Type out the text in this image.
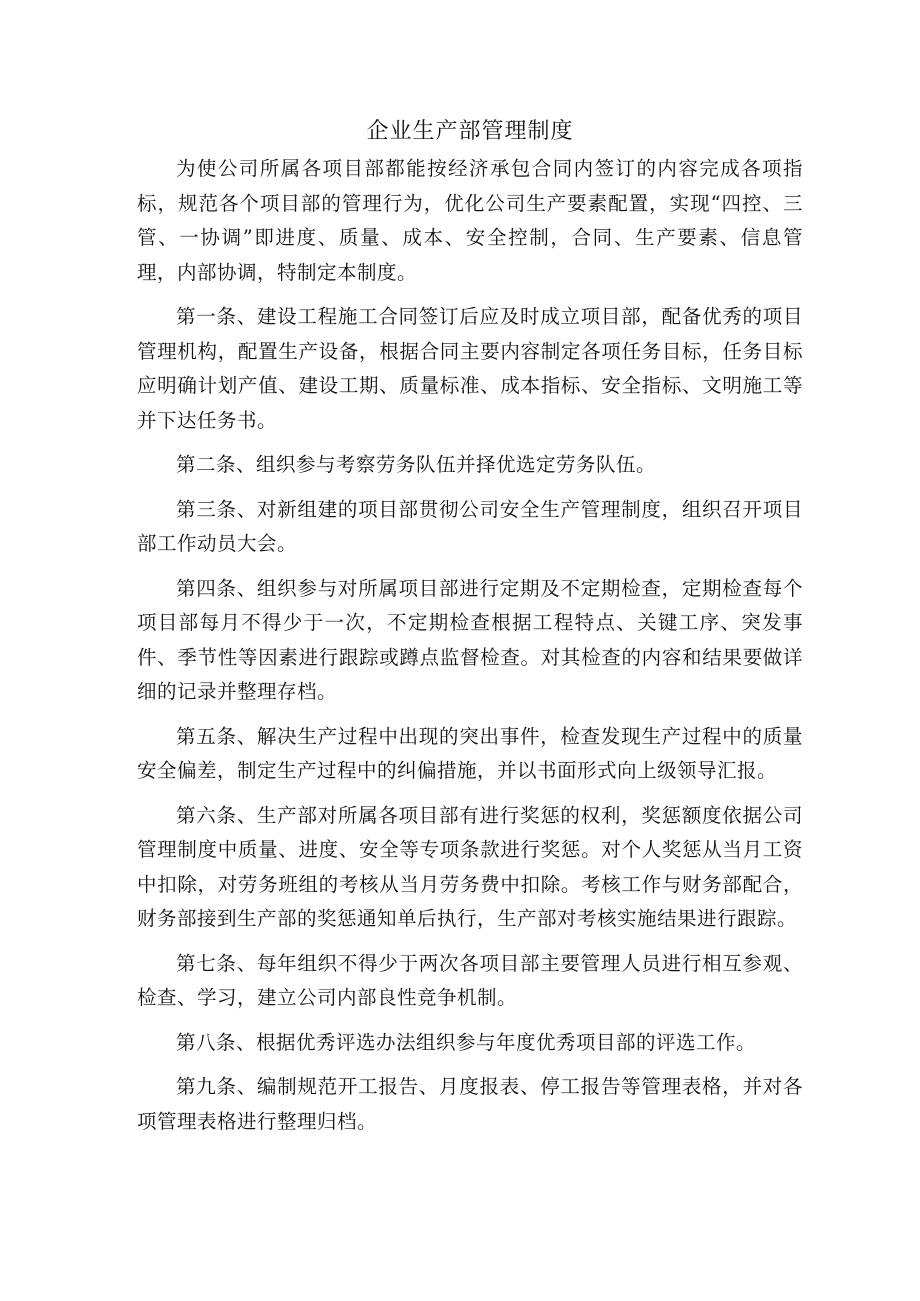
企业生产部管理制度

为使公司所属各项目部都能按经济承包合同内签订的内容完成各项指标，规范各个项目部的管理行为，优化公司生产要素配置，实现“四控、三管、一协调”即进度、质量、成本、安全控制，合同、生产要素、信息管理，内部协调，特制定本制度。

第一条、建设工程施工合同签订后应及时成立项目部，配备优秀的项目管理机构，配置生产设备，根据合同主要内容制定各项任务目标，任务目标应明确计划产值、建设工期、质量标准、成本指标、安全指标、文明施工等并下达任务书。

第二条、组织参与考察劳务队伍并择优选定劳务队伍。

第三条、对新组建的项目部贯彻公司安全生产管理制度，组织召开项目部工作动员大会。

第四条、组织参与对所属项目部进行定期及不定期检查，定期检查每个项目部每月不得少于一次，不定期检查根据工程特点、关键工序、突发事件、季节性等因素进行跟踪或蹲点监督检查。对其检查的内容和结果要做详细的记录并整理存档。

第五条、解决生产过程中出现的突出事件，检查发现生产过程中的质量安全偏差，制定生产过程中的纠偏措施，并以书面形式向上级领导汇报。

第六条、生产部对所属各项目部有进行奖惩的权利，奖惩额度依据公司管理制度中质量、进度、安全等专项条款进行奖惩。对个人奖惩从当月工资中扣除，对劳务班组的考核从当月劳务费中扣除。考核工作与财务部配合，财务部接到生产部的奖惩通知单后执行，生产部对考核实施结果进行跟踪。

第七条、每年组织不得少于两次各项目部主要管理人员进行相互参观、检查、学习，建立公司内部良性竞争机制。

第八条、根据优秀评选办法组织参与年度优秀项目部的评选工作。

第九条、编制规范开工报告、月度报表、停工报告等管理表格，并对各项管理表格进行整理归档。
